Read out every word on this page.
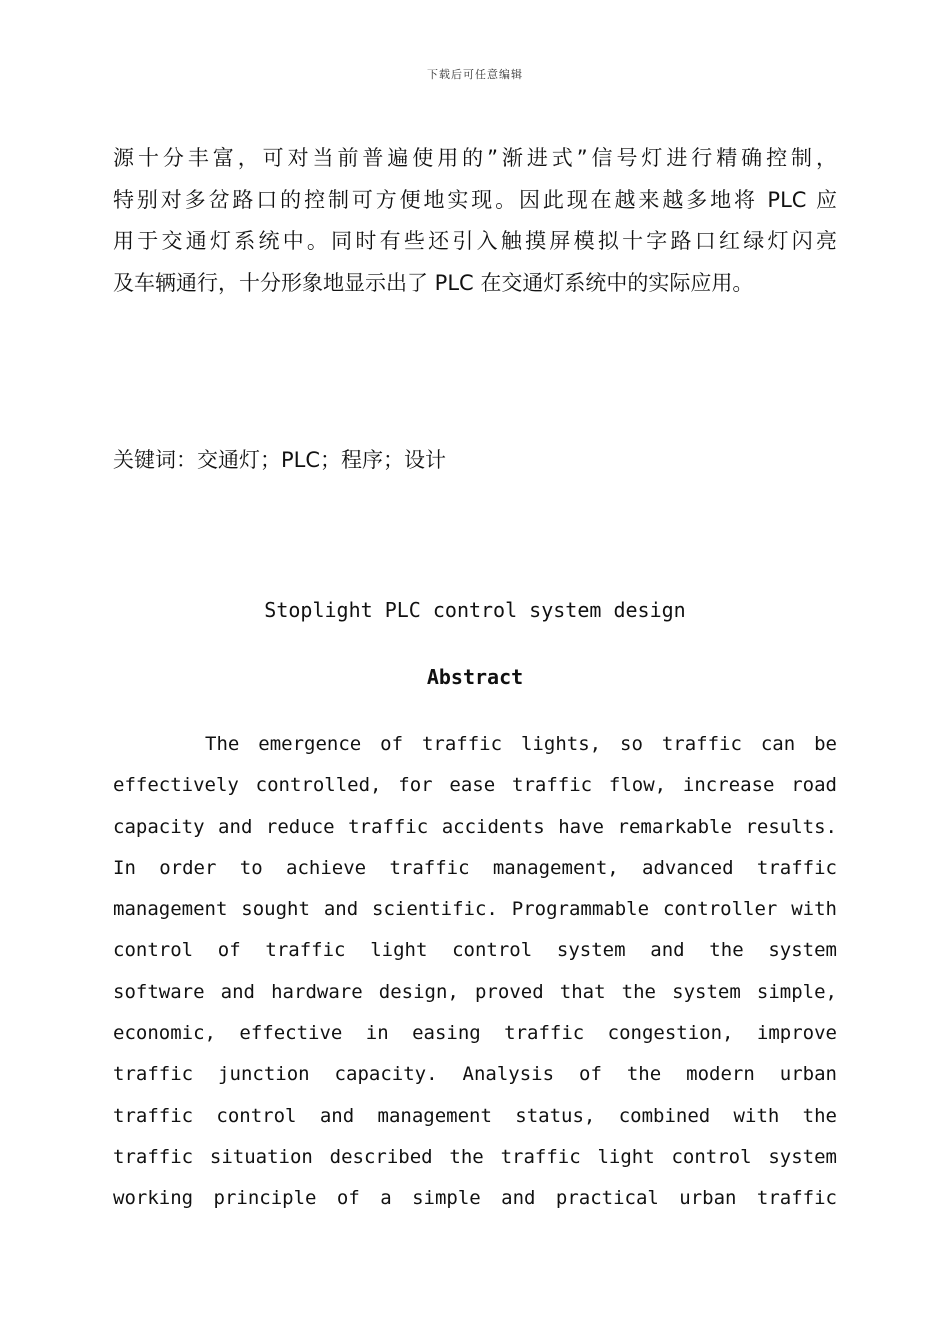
下载后可任意编辑
源十分丰富，可对当前普遍使用的”渐进式”信号灯进行精确控制，
特别对多岔路口的控制可方便地实现。因此现在越来越多地将 PLC 应
用于交通灯系统中。同时有些还引入触摸屏模拟十字路口红绿灯闪亮
及车辆通行，十分形象地显示出了 PLC 在交通灯系统中的实际应用。
关键词：交通灯；PLC；程序；设计
Stoplight PLC control system design
Abstract
The emergence of traffic lights, so traffic can be
effectively controlled, for ease traffic flow, increase road
capacity and reduce traffic accidents have remarkable results.
In order to achieve traffic management, advanced traffic
management sought and scientific. Programmable controller with
control of traffic light control system and the system
software and hardware design, proved that the system simple,
economic, effective in easing traffic congestion, improve
traffic junction capacity. Analysis of the modern urban
traffic control and management status, combined with the
traffic situation described the traffic light control system
working principle of a simple and practical urban traffic
